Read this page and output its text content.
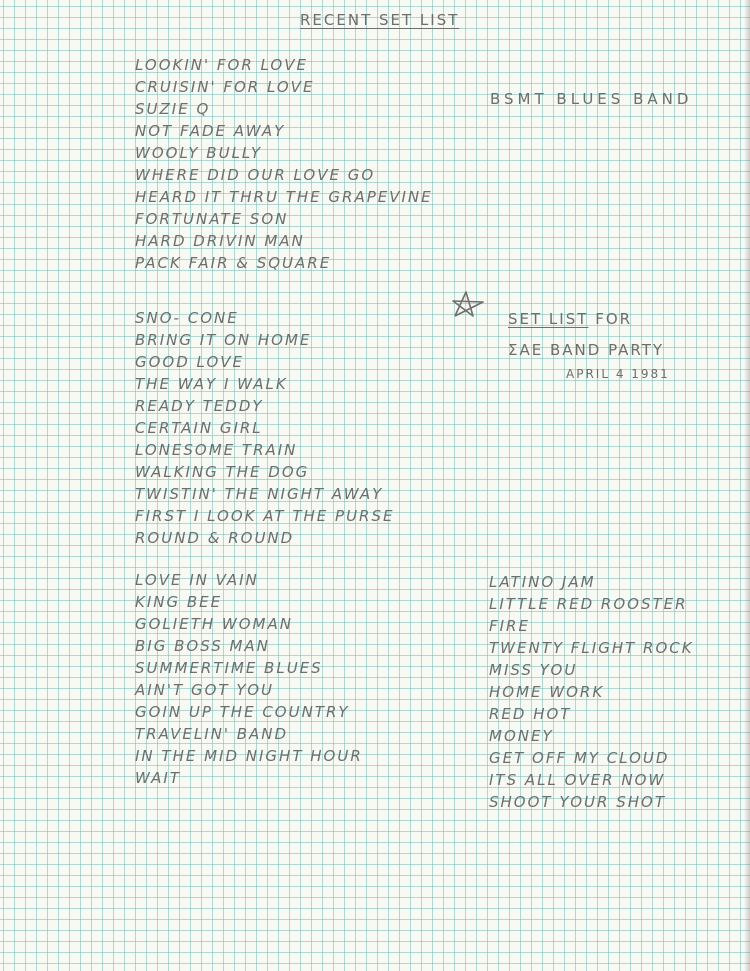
RECENT SET LIST
BSMT BLUES BAND
SET LIST FOR
ΣΑΕ BAND PARTY
APRIL 4 1981
LOOKIN' FOR LOVE
CRUISIN' FOR LOVE
SUZIE Q
NOT FADE AWAY
WOOLY BULLY
WHERE DID OUR LOVE GO
HEARD IT THRU THE GRAPEVINE
FORTUNATE SON
HARD DRIVIN MAN
PACK FAIR & SQUARE
SNO- CONE
BRING IT ON HOME
GOOD LOVE
THE WAY I WALK
READY TEDDY
CERTAIN GIRL
LONESOME TRAIN
WALKING THE DOG
TWISTIN' THE NIGHT AWAY
FIRST I LOOK AT THE PURSE
ROUND & ROUND
LOVE IN VAIN
KING BEE
GOLIETH WOMAN
BIG BOSS MAN
SUMMERTIME BLUES
AIN'T GOT YOU
GOIN UP THE COUNTRY
TRAVELIN' BAND
IN THE MID NIGHT HOUR
WAIT
LATINO JAM
LITTLE RED ROOSTER
FIRE
TWENTY FLIGHT ROCK
MISS YOU
HOME WORK
RED HOT
MONEY
GET OFF MY CLOUD
ITS ALL OVER NOW
SHOOT YOUR SHOT
